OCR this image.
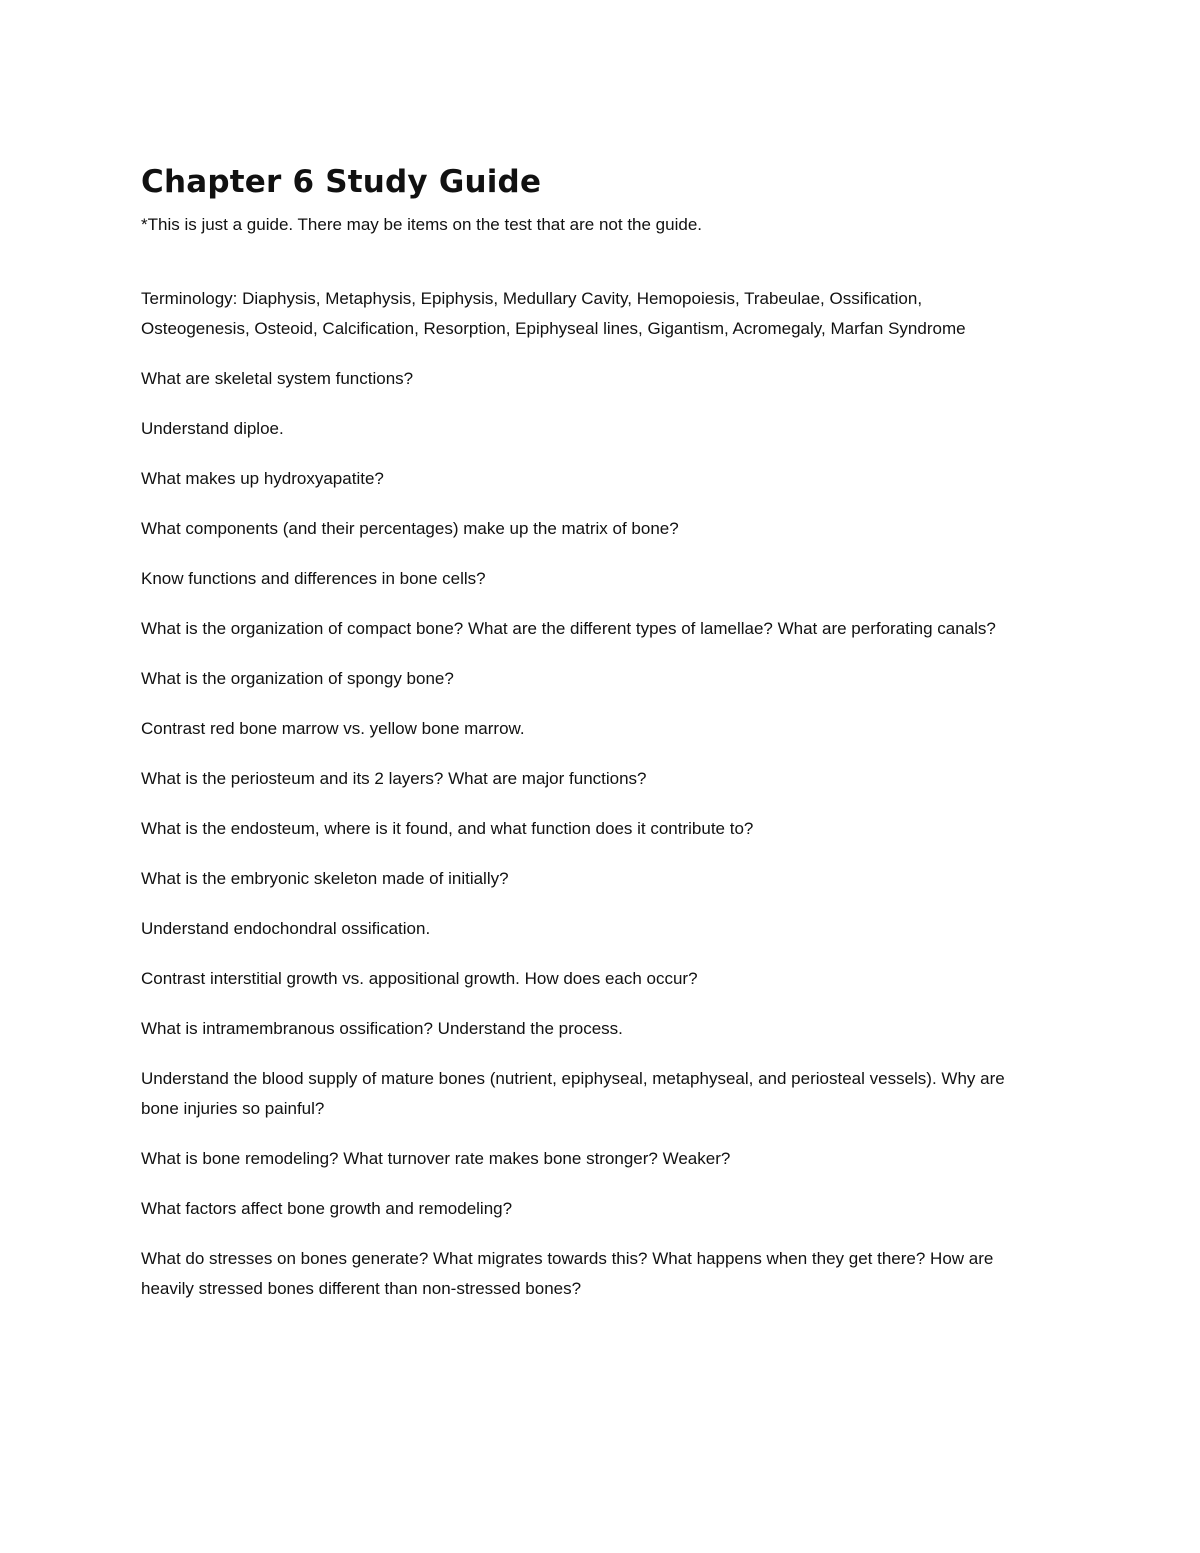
Chapter 6 Study Guide

*This is just a guide. There may be items on the test that are not the guide.

Terminology: Diaphysis, Metaphysis, Epiphysis, Medullary Cavity, Hemopoiesis, Trabeulae, Ossification, Osteogenesis, Osteoid, Calcification, Resorption, Epiphyseal lines, Gigantism, Acromegaly, Marfan Syndrome

What are skeletal system functions?
Understand diploe.
What makes up hydroxyapatite?
What components (and their percentages) make up the matrix of bone?
Know functions and differences in bone cells?
What is the organization of compact bone? What are the different types of lamellae? What are perforating canals?
What is the organization of spongy bone?
Contrast red bone marrow vs. yellow bone marrow.
What is the periosteum and its 2 layers? What are major functions?
What is the endosteum, where is it found, and what function does it contribute to?
What is the embryonic skeleton made of initially?
Understand endochondral ossification.
Contrast interstitial growth vs. appositional growth. How does each occur?
What is intramembranous ossification? Understand the process.
Understand the blood supply of mature bones (nutrient, epiphyseal, metaphyseal, and periosteal vessels). Why are bone injuries so painful?
What is bone remodeling? What turnover rate makes bone stronger? Weaker?
What factors affect bone growth and remodeling?
What do stresses on bones generate? What migrates towards this? What happens when they get there? How are heavily stressed bones different than non-stressed bones?
